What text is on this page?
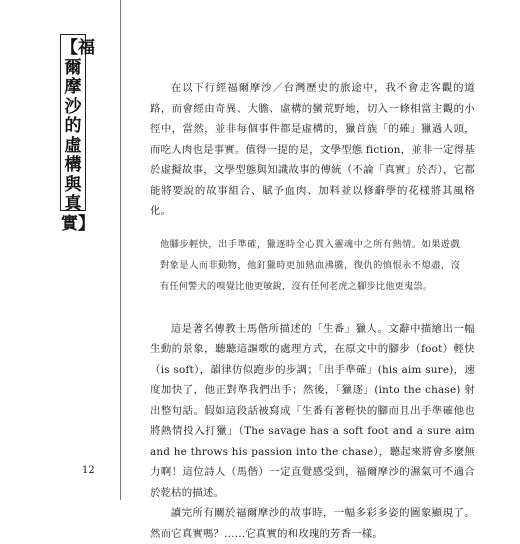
【福爾摩沙的虛構與真實】
12

在以下行經福爾摩沙／台灣歷史的旅途中，我不會走客觀的道路，而會經由奇異、大膽、虛構的蠻荒野地，切入一條相當主觀的小徑中，當然，並非每個事件都是虛構的，獵首族「的確」獵過人頭，而吃人肉也是事實。值得一提的是，文學型態 fiction，並非一定得基於虛擬故事，文學型態與知識故事的傳統（不論「真實」於否），它都能將要說的故事組合、賦予血肉、加料並以修辭學的花樣將其風格化。

他腳步輕快，出手準確，獵逐時全心貫入靈魂中之所有熱情。如果遊戲對象是人而非動物，他釘獵時更加熱血沸騰，復仇的慎恨永不熄盡，沒有任何警犬的嗅覺比他更敏銳，沒有任何老虎之腳步比他更鬼祟。

這是著名傳教士馬偕所描述的「生番」獵人。文辭中描繪出一幅生動的景象，聽聽這謳歌的處理方式，在原文中的腳步（foot）輕快（is soft），韻律仿似跑步的步調；「出手準確」(his aim sure)，速度加快了，他正對準我們出手；然後，「獵逐」(into the chase) 射出整句話。假如這段話被寫成「生番有著輕快的腳而且出手準確他也將熱情投入打獵」（The savage has a soft foot and a sure aim and he throws his passion into the chase），聽起來將會多麼無力啊！這位詩人（馬偕）一定直覺感受到，福爾摩沙的濕氣可不適合於乾枯的描述。

讀完所有關於福爾摩沙的故事時，一幅多彩多姿的圖象顯現了。然而它真實嗎？……它真實的和玫瑰的芳香一樣。
